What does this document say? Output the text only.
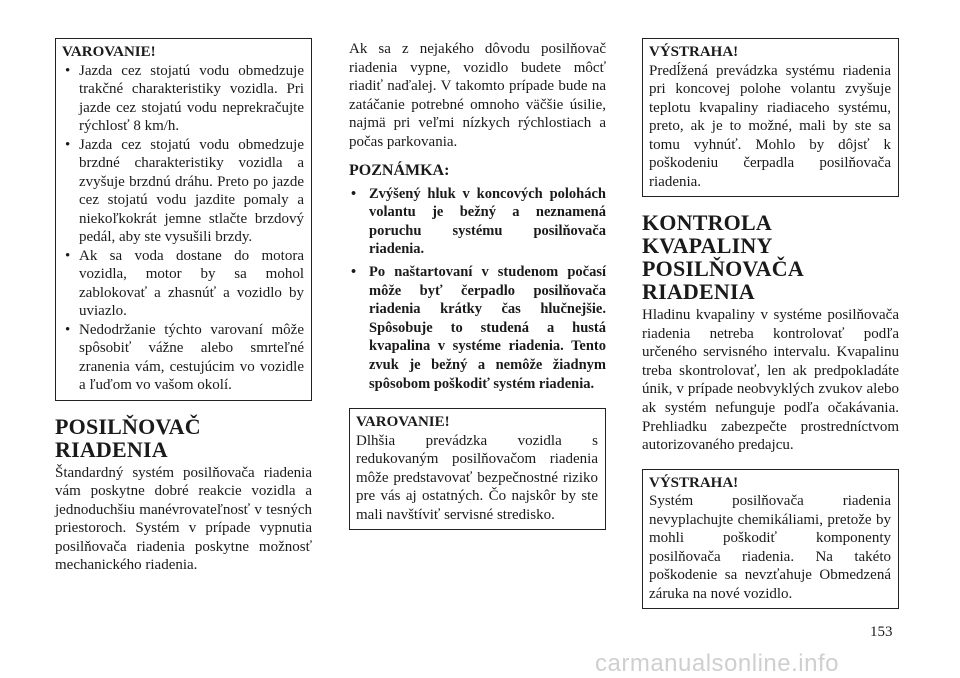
VAROVANIE!
• Jazda cez stojatú vodu obmedzuje trakčné charakteristiky vozidla. Pri jazde cez stojatú vodu neprekračujte rýchlosť 8 km/h.
• Jazda cez stojatú vodu obmedzuje brzdné charakteristiky vozidla a zvyšuje brzdnú dráhu. Preto po jazde cez stojatú vodu jazdite pomaly a niekoľkokrát jemne stlačte brzdový pedál, aby ste vysušili brzdy.
• Ak sa voda dostane do motora vozidla, motor by sa mohol zablokovať a zhasnúť a vozidlo by uviazlo.
• Nedodržanie týchto varovaní môže spôsobiť vážne alebo smrteľné zranenia vám, cestujúcim vo vozidle a ľuďom vo vašom okolí.
POSILŇOVAČ
RIADENIA

Štandardný systém posilňovača riadenia vám poskytne dobré reakcie vozidla a jednoduchšiu manévrovateľnosť v tesných priestoroch. Systém v prípade vypnutia posilňovača riadenia poskytne možnosť mechanického riadenia.

Ak sa z nejakého dôvodu posilňovač riadenia vypne, vozidlo budete môcť riadiť naďalej. V takomto prípade bude na zatáčanie potrebné omnoho väčšie úsilie, najmä pri veľmi nízkych rýchlostiach a počas parkovania.

POZNÁMKA:
• Zvýšený hluk v koncových polohách volantu je bežný a neznamená poruchu systému posilňovača riadenia.
• Po naštartovaní v studenom počasí môže byť čerpadlo posilňovača riadenia krátky čas hlučnejšie. Spôsobuje to studená a hustá kvapalina v systéme riadenia. Tento zvuk je bežný a nemôže žiadnym spôsobom poškodiť systém riadenia.
VAROVANIE!

Dlhšia prevádzka vozidla s redukovaným posilňovačom riadenia môže predstavovať bezpečnostné riziko pre vás aj ostatných. Čo najskôr by ste mali navštíviť servisné stredisko.

VÝSTRAHA!

Predĺžená prevádzka systému riadenia pri koncovej polohe volantu zvyšuje teplotu kvapaliny riadiaceho systému, preto, ak je to možné, mali by ste sa tomu vyhnúť. Mohlo by dôjsť k poškodeniu čerpadla posilňovača riadenia.

KONTROLA KVAPALINY
POSILŇOVAČA
RIADENIA

Hladinu kvapaliny v systéme posilňovača riadenia netreba kontrolovať podľa určeného servisného intervalu. Kvapalinu treba skontrolovať, len ak predpokladáte únik, v prípade neobvyklých zvukov alebo ak systém nefunguje podľa očakávania. Prehliadku zabezpečte prostredníctvom autorizovaného predajcu.

VÝSTRAHA!

Systém posilňovača riadenia nevyplachujte chemikáliami, pretože by mohli poškodiť komponenty posilňovača riadenia. Na takéto poškodenie sa nevzťahuje Obmedzená záruka na nové vozidlo.

153
carmanualsonline.info
